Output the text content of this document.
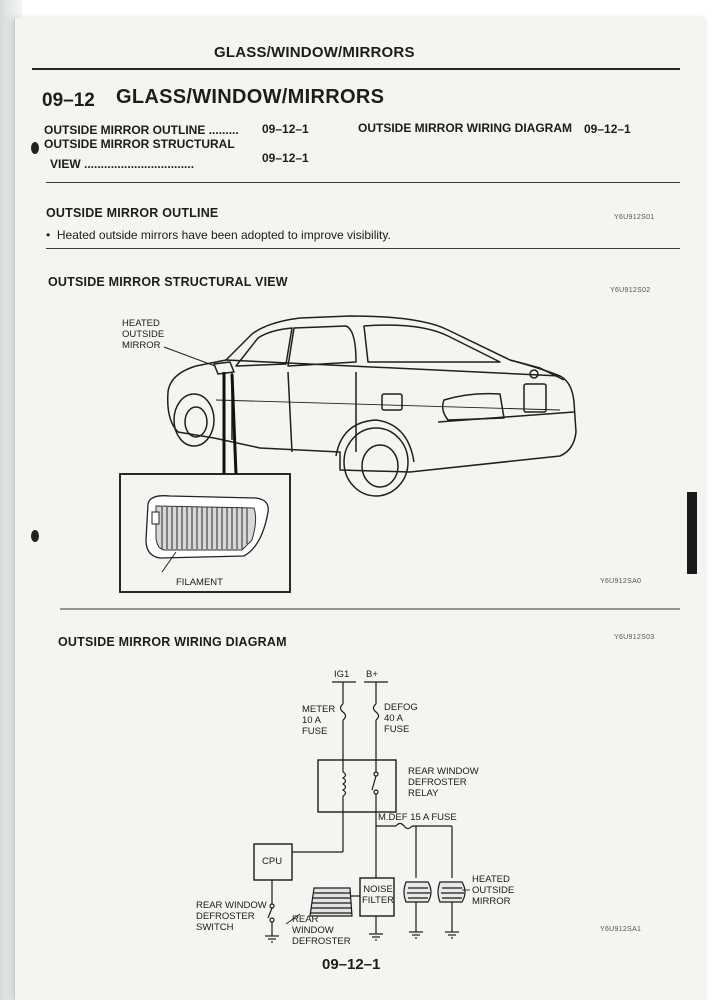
GLASS/WINDOW/MIRRORS
09–12 GLASS/WINDOW/MIRRORS
OUTSIDE MIRROR OUTLINE ......... 09–12–1
OUTSIDE MIRROR STRUCTURAL
VIEW .................................	09–12–1
OUTSIDE MIRROR WIRING DIAGRAM 09–12–1
OUTSIDE MIRROR OUTLINE	Y6U912S01
•  Heated outside mirrors have been adopted to improve visibility.
OUTSIDE MIRROR STRUCTURAL VIEW
Y6U912S02
HEATED
OUTSIDE
MIRROR
FILAMENT	Y6U912SA0
OUTSIDE MIRROR WIRING DIAGRAM	Y6U912S03
IG1 B+
METER
10 A
FUSE
DEFOG
40 A
FUSE
REAR WINDOW
DEFROSTER
RELAY
M.DEF 15 A FUSE
CPU
NOISE
FILTER
HEATED
OUTSIDE
MIRROR
REAR WINDOW
DEFROSTER
SWITCH
REAR
WINDOW
DEFROSTER
Y6U912SA1
09–12–1
